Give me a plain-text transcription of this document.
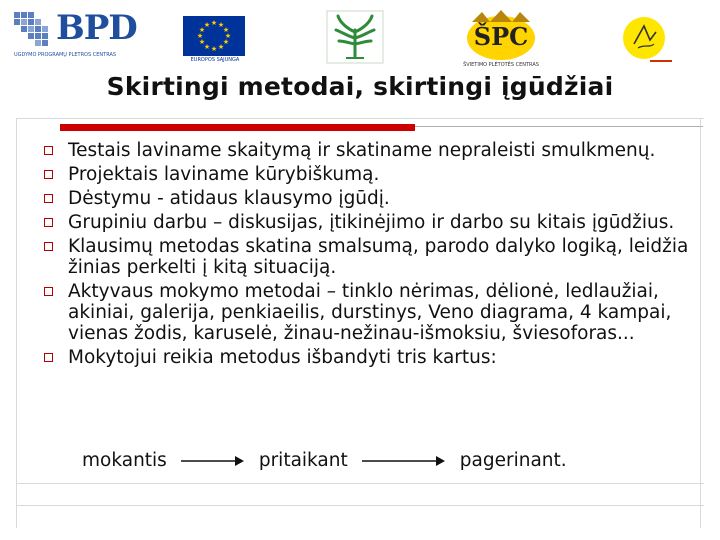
BPD
UGDYMO PROGRAMŲ PLĖTROS CENTRAS
★ ★
★
★
★
★
★
★
★
★
★
★
EUROPOS SĄJUNGA
ŠPC
ŠVIETIMO PLĖTOTĖS CENTRAS
Skirtingi metodai, skirtingi įgūdžiai
Testais lavinamе skaitymą ir skatiname nepraleisti smulkmenų.
Projektais laviname kūrybiškumą.
Dėstymu - atidaus klausymo įgūdį.
Grupiniu darbu – diskusijas, įtikinėjimo ir darbo su kitais įgūdžius.
Klausimų metodas skatina smalsumą, parodo dalyko logiką, leidžia žinias perkelti į kitą situaciją.
Aktyvaus mokymo metodai – tinklo nėrimas, dėlionė, ledlaužiai, akiniai, galerija, penkiaeilis, durstinys, Veno diagrama, 4 kampai, vienas žodis, karuselė, žinau-nežinau-išmoksiu, šviesoforas...
Mokytojui reikia metodus išbandyti tris kartus:
mokantis	pritaikant	pagerinant.
